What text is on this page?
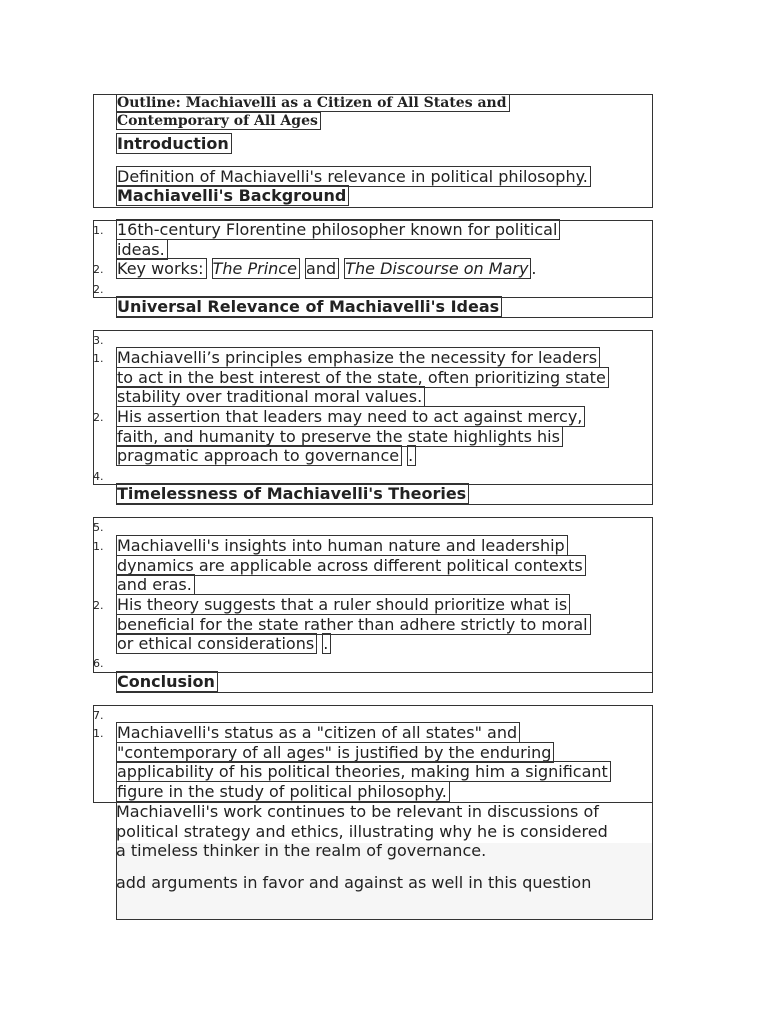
Outline: Machiavelli as a Citizen of All States and
Contemporary of All Ages
Introduction
Definition of Machiavelli's relevance in political philosophy.
Machiavelli's Background
1. 16th-century Florentine philosopher known for political
ideas.
2. Key works: The Prince and The Discourse on Mary .
2.
Universal Relevance of Machiavelli's Ideas
3.
1. Machiavelli’s principles emphasize the necessity for leaders
to act in the best interest of the state, often prioritizing state
stability over traditional moral values.
2. His assertion that leaders may need to act against mercy,
faith, and humanity to preserve the state highlights his
pragmatic approach to governance .
4.
Timelessness of Machiavelli's Theories
5.
1. Machiavelli's insights into human nature and leadership
dynamics are applicable across different political contexts
and eras.
2. His theory suggests that a ruler should prioritize what is
beneficial for the state rather than adhere strictly to moral
or ethical considerations .
6.
Conclusion
7.
1. Machiavelli's status as a "citizen of all states" and
"contemporary of all ages" is justified by the enduring
applicability of his political theories, making him a significant
figure in the study of political philosophy.
Machiavelli's work continues to be relevant in discussions of
political strategy and ethics, illustrating why he is considered
a timeless thinker in the realm of governance.
add arguments in favor and against as well in this question
